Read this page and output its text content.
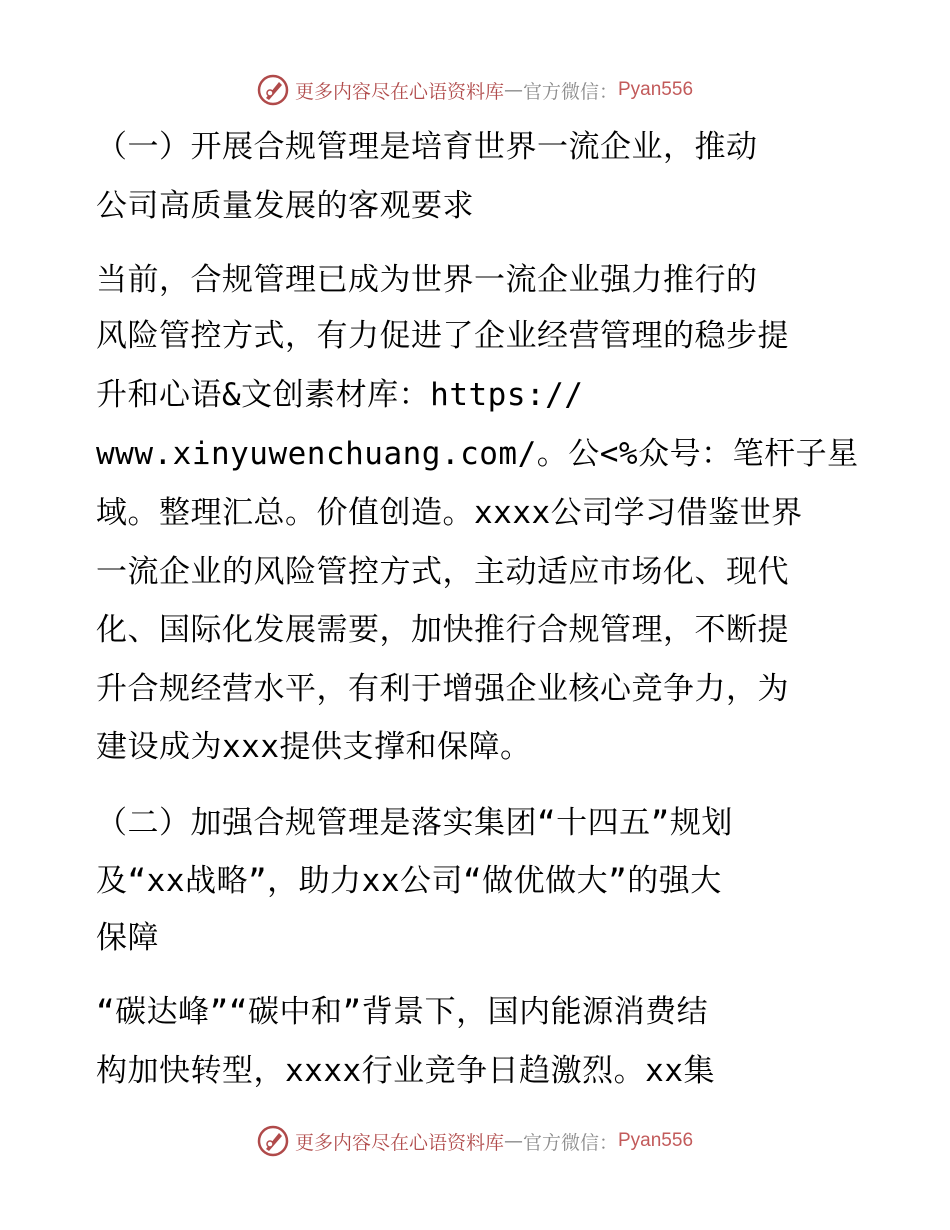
更多内容尽在心语资料库 — 官方微信： Pyan556
（一）开展合规管理是培育世界一流企业，推动
公司高质量发展的客观要求
当前，合规管理已成为世界一流企业强力推行的
风险管控方式，有力促进了企业经营管理的稳步提
升和心语&文创素材库：https://
www.xinyuwenchuang.com/。公<%众号：笔杆子星
域。整理汇总。价值创造。xxxx公司学习借鉴世界
一流企业的风险管控方式，主动适应市场化、现代
化、国际化发展需要，加快推行合规管理，不断提
升合规经营水平，有利于增强企业核心竞争力，为
建设成为xxx提供支撑和保障。
（二）加强合规管理是落实集团“十四五”规划
及“xx战略”，助力xx公司“做优做大”的强大
保障
“碳达峰”“碳中和”背景下，国内能源消费结
构加快转型，xxxx行业竞争日趋激烈。xx集
更多内容尽在心语资料库 — 官方微信： Pyan556
